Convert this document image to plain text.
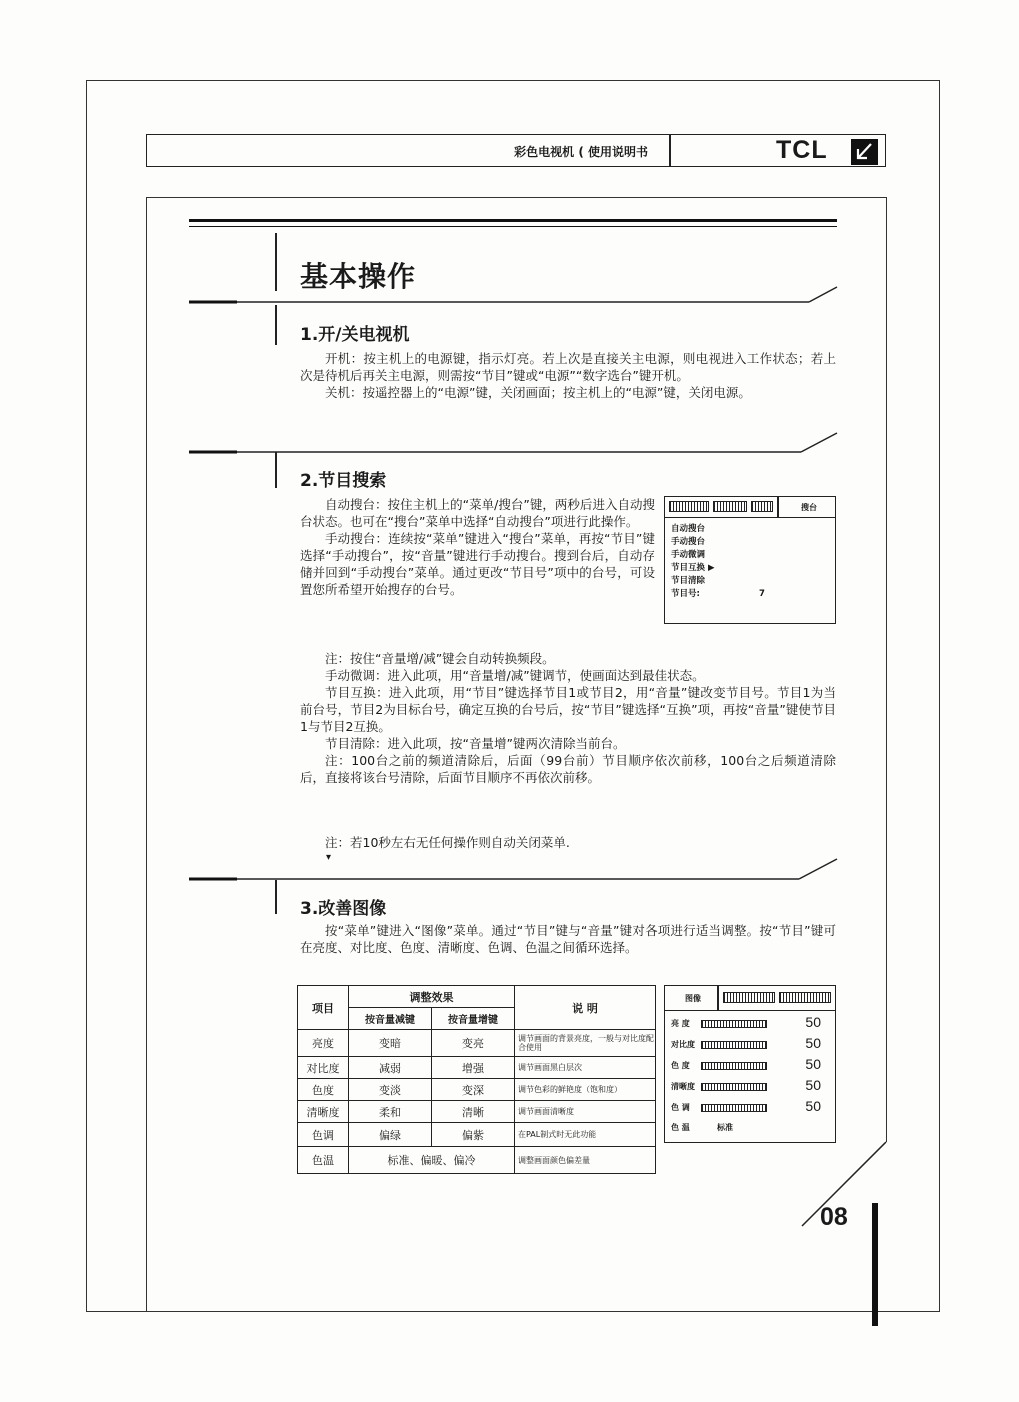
彩色电视机 ( 使用说明书	TCL
基本操作
1.开/关电视机

开机：按主机上的电源键，指示灯亮。若上次是直接关主电源，则电视进入工作状态；若上次是待机后再关主电源，则需按“节目”键或“电源”“数字选台”键开机。

关机：按遥控器上的“电源”键，关闭画面；按主机上的“电源”键，关闭电源。

2.节目搜索

自动搜台：按住主机上的“菜单/搜台”键，两秒后进入自动搜台状态。也可在“搜台”菜单中选择“自动搜台”项进行此操作。

手动搜台：连续按“菜单”键进入“搜台”菜单，再按“节目”键选择“手动搜台”，按“音量”键进行手动搜台。搜到台后，自动存储并回到“手动搜台”菜单。通过更改“节目号”项中的台号，可设置您所希望开始搜存的台号。

搜台
自动搜台
手动搜台
手动微调
节目互换 ▶
节目清除
节目号:	7

注：按住“音量增/减”键会自动转换频段。

手动微调：进入此项，用“音量增/减”键调节，使画面达到最佳状态。

节目互换：进入此项，用“节目”键选择节目1或节目2，用“音量”键改变节目号。节目1为当前台号，节目2为目标台号，确定互换的台号后，按“节目”键选择“互换”项，再按“音量”键使节目1与节目2互换。

节目清除：进入此项，按“音量增”键两次清除当前台。

注：100台之前的频道清除后，后面（99台前）节目顺序依次前移，100台之后频道清除后，直接将该台号清除，后面节目顺序不再依次前移。

注：若10秒左右无任何操作则自动关闭菜单.
▾
3.改善图像

按“菜单”键进入“图像”菜单。通过“节目”键与“音量”键对各项进行适当调整。按“节目”键可在亮度、对比度、色度、清晰度、色调、色温之间循环选择。

项目	调整效果		说 明
	按音量减键	按音量增键	
亮度	变暗	变亮	调节画面的背景亮度，一般与对比度配合使用
对比度	减弱	增强	调节画面黑白层次
色度	变淡	变深	调节色彩的鲜艳度（饱和度）
清晰度	柔和	清晰	调节画面清晰度
色调	偏绿	偏紫	在PAL制式时无此功能
色温	标准、偏暖、偏冷		调整画面颜色偏差量
图像
亮 度	50
对比度	50
色 度	50
清晰度	50
色 调	50
色 温	标准
08
